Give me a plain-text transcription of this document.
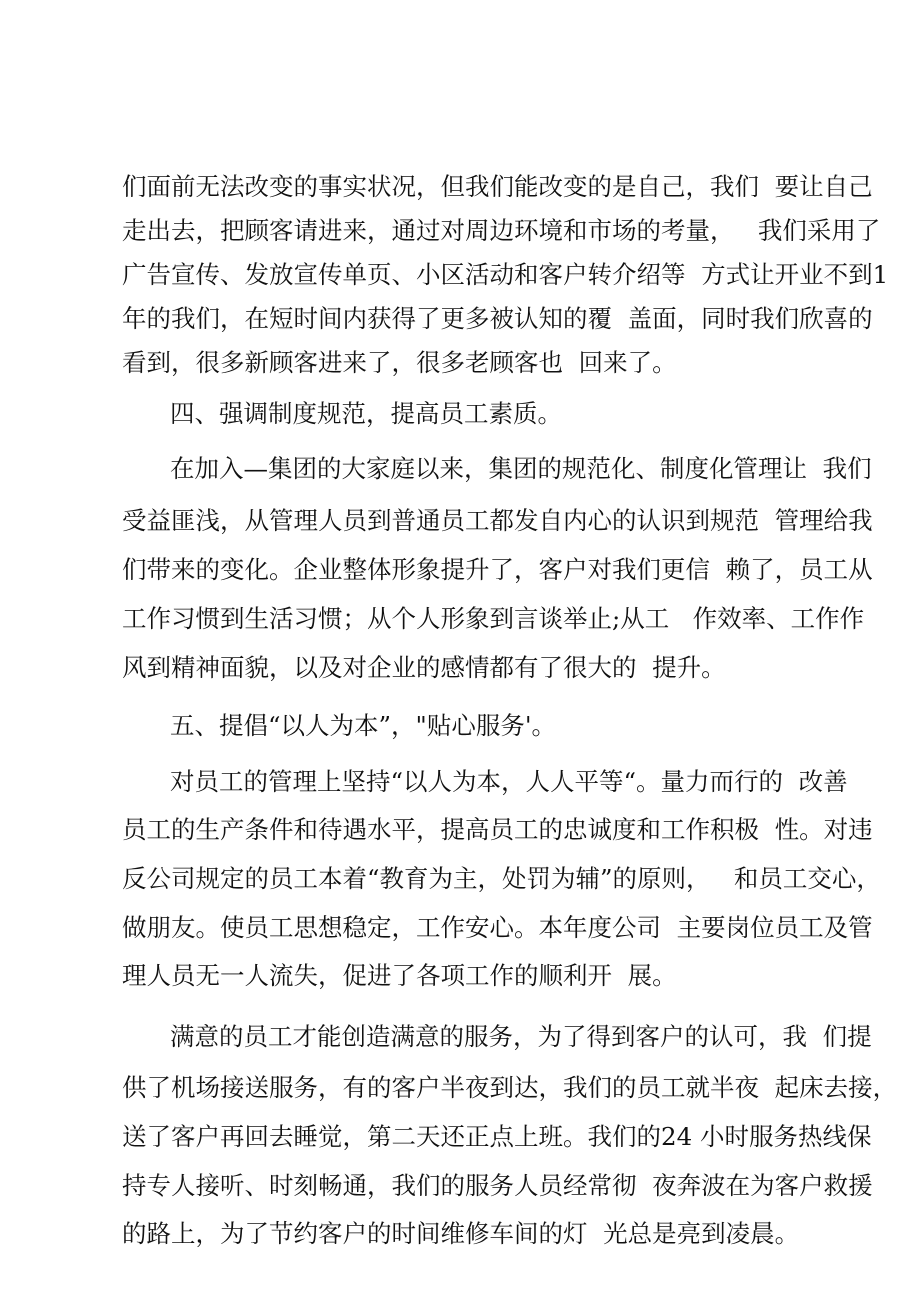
们面前无法改变的事实状况，但我们能改变的是自己，我们  要让自己
走出去，把顾客请进来，通过对周边环境和市场的考量，   我们采用了
广告宣传、发放宣传单页、小区活动和客户转介绍等  方式让开业不到1
年的我们，在短时间内获得了更多被认知的覆  盖面，同时我们欣喜的
看到，很多新顾客进来了，很多老顾客也  回来了。
四、强调制度规范，提高员工素质。
在加入—集团的大家庭以来，集团的规范化、制度化管理让  我们
受益匪浅，从管理人员到普通员工都发自内心的认识到规范  管理给我
们带来的变化。企业整体形象提升了，客户对我们更信  赖了，员工从
工作习惯到生活习惯；从个人形象到言谈举止;从工   作效率、工作作
风到精神面貌，以及对企业的感情都有了很大的  提升。
五、提倡“以人为本”，"贴心服务'。
对员工的管理上坚持“以人为本，人人平等“。量力而行的  改善
员工的生产条件和待遇水平，提高员工的忠诚度和工作积极  性。对违
反公司规定的员工本着“教育为主，处罚为辅”的原则，   和员工交心，
做朋友。使员工思想稳定，工作安心。本年度公司  主要岗位员工及管
理人员无一人流失，促进了各项工作的顺利开  展。
满意的员工才能创造满意的服务，为了得到客户的认可，我  们提
供了机场接送服务，有的客户半夜到达，我们的员工就半夜  起床去接，
送了客户再回去睡觉，第二天还正点上班。我们的24 小时服务热线保
持专人接听、时刻畅通，我们的服务人员经常彻  夜奔波在为客户救援
的路上，为了节约客户的时间维修车间的灯  光总是亮到凌晨。
